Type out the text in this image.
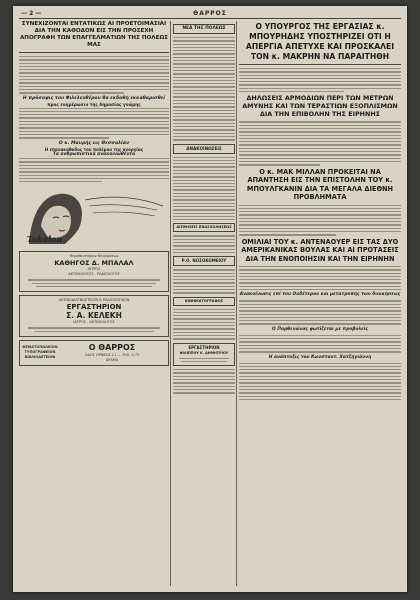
— 2 —	ΘΑΡΡΟΣ

ΣΥΝΕΧΙΖΟΝΤΑΙ ΕΝΤΑΤΙΚΩΣ ΑΙ ΠΡΟΕΤΟΙΜΑΣΙΑΙ ΔΙΑ ΤΗΝ ΚΑΘΟΔΟΝ ΕΙΣ ΤΗΝ ΠΡΟΣΕΧΗ ΑΠΟΓΡΑΦΗ ΤΩΝ ΕΠΑΓΓΕΛΜΑΤΙΩΝ ΤΗΣ ΠΟΛΕΩΣ ΜΑΣ

Η πρόσοψις του Φιλελευθέρου θα εκδοθή εκκαθαρισθεί

προς ενημέρωσιν της δημοσίας γνώμης

Ο κ. Μαυρής εις Θεσσαλίαν

Η επανακαθοδος του πολέμου της ανοργίας

Τα ανθρωπιστικά ανακοινωθέντα

Tokalon
Θεραπευτήριον Νευρώσεων
ΚΑΘΗΓΟΣ Δ. ΜΠΑΛΑΛ
ΙΑΤΡΟΣ
ΑΚΤΙΝΟΛΟΓΟΣ - ΡΑΔΙΟΛΟΓΟΣ
ΑΚΤΙΝΟΔΙΑΓΝΩΣΤΙΚΟΝ & ΡΑΔΙΟΛΟΓΙΚΟΝ
ΕΡΓΑΣΤΗΡΙΟΝ
Σ. Α. ΚΕΛΕΚΗ
ΙΑΤΡΟΣ - ΑΚΤΙΝΟΛΟΓΟΣ
ΘΕΜΑΤΟΠΩΛΕΙΟΝ ΤΥΠΟΓΡΑΦΕΙΟΝ ΒΙΒΛΙΟΔΕΤΕΙΟΝ
Ο ΘΑΡΡΟΣ
ΟΔΟΣ ΟΡΦΕΩΣ 11 — ΤΗΛ. 9-73
ΔΡΑΜΑ
ΝΕΑ ΤΗΣ ΠΟΛΕΩΣ
ΑΝΑΚΟΙΝΩΣΕΙΣ
ΑΙΣΘΗΣΕΙΣ ΕΝΑΣΧΟΛΗΣΕΩΣ
Ρ.Ο. ΝΟΣΟΚΟΜΕΙΟΥ
ΚΙΝΗΜΑΤΟΓΡΑΦΟΣ
ΕΡΓΑΣΤΗΡΙΟΝ
ΦΙΛΙΠΠΟΥ Κ. ΔΗΜΗΤΡΙΟΥ

Ο ΥΠΟΥΡΓΟΣ ΤΗΣ ΕΡΓΑΣΙΑΣ κ. ΜΠΟΥΡΗΔΗΣ ΥΠΟΣΤΗΡΙΖΕΙ ΟΤΙ Η ΑΠΕΡΓΙΑ ΑΠΕΤΥΧΕ ΚΑΙ ΠΡΟΣΚΑΛΕΙ ΤΟΝ κ. ΜΑΚΡΗΝ ΝΑ ΠΑΡΑΙΤΗΘΗ

ΔΗΛΩΣΕΙΣ ΑΡΜΟΔΙΩΝ ΠΕΡΙ ΤΩΝ ΜΕΤΡΩΝ ΑΜΥΝΗΣ ΚΑΙ ΤΩΝ ΤΕΡΑΣΤΙΩΝ ΕΞΟΠΛΙΣΜΩΝ ΔΙΑ ΤΗΝ ΕΠΙΒΟΛΗΝ ΤΗΣ ΕΙΡΗΝΗΣ

Ο κ. ΜΑΚ ΜΙΛΛΑΝ ΠΡΟΚΕΙΤΑΙ ΝΑ ΑΠΑΝΤΗΣΗ ΕΙΣ ΤΗΝ ΕΠΙΣΤΟΛΗΝ ΤΟΥ κ. ΜΠΟΥΛΓΚΑΝΙΝ ΔΙΑ ΤΑ ΜΕΓΑΛΑ ΔΙΕΘΝΗ ΠΡΟΒΛΗΜΑΤΑ

ΟΜΙΛΙΑΙ ΤΟΥ κ. ΑΝΤΕΝΑΟΥΕΡ ΕΙΣ ΤΑΣ ΔΥΟ ΑΜΕΡΙΚΑΝΙΚΑΣ ΒΟΥΛΑΣ ΚΑΙ ΑΙ ΠΡΟΤΑΣΕΙΣ ΔΙΑ ΤΗΝ ΕΝΟΠΟΙΗΣΙΝ ΚΑΙ ΤΗΝ ΕΙΡΗΝΗΝ

Ανακοίνωσις επί του Ουδέτερου και μετατροπής των διοικήσεως

Ο Παρθενώνας φωτίζεται με προβολείς

Η ανάπτυξις του Κωνσταντ. Χατζηγιάννη
